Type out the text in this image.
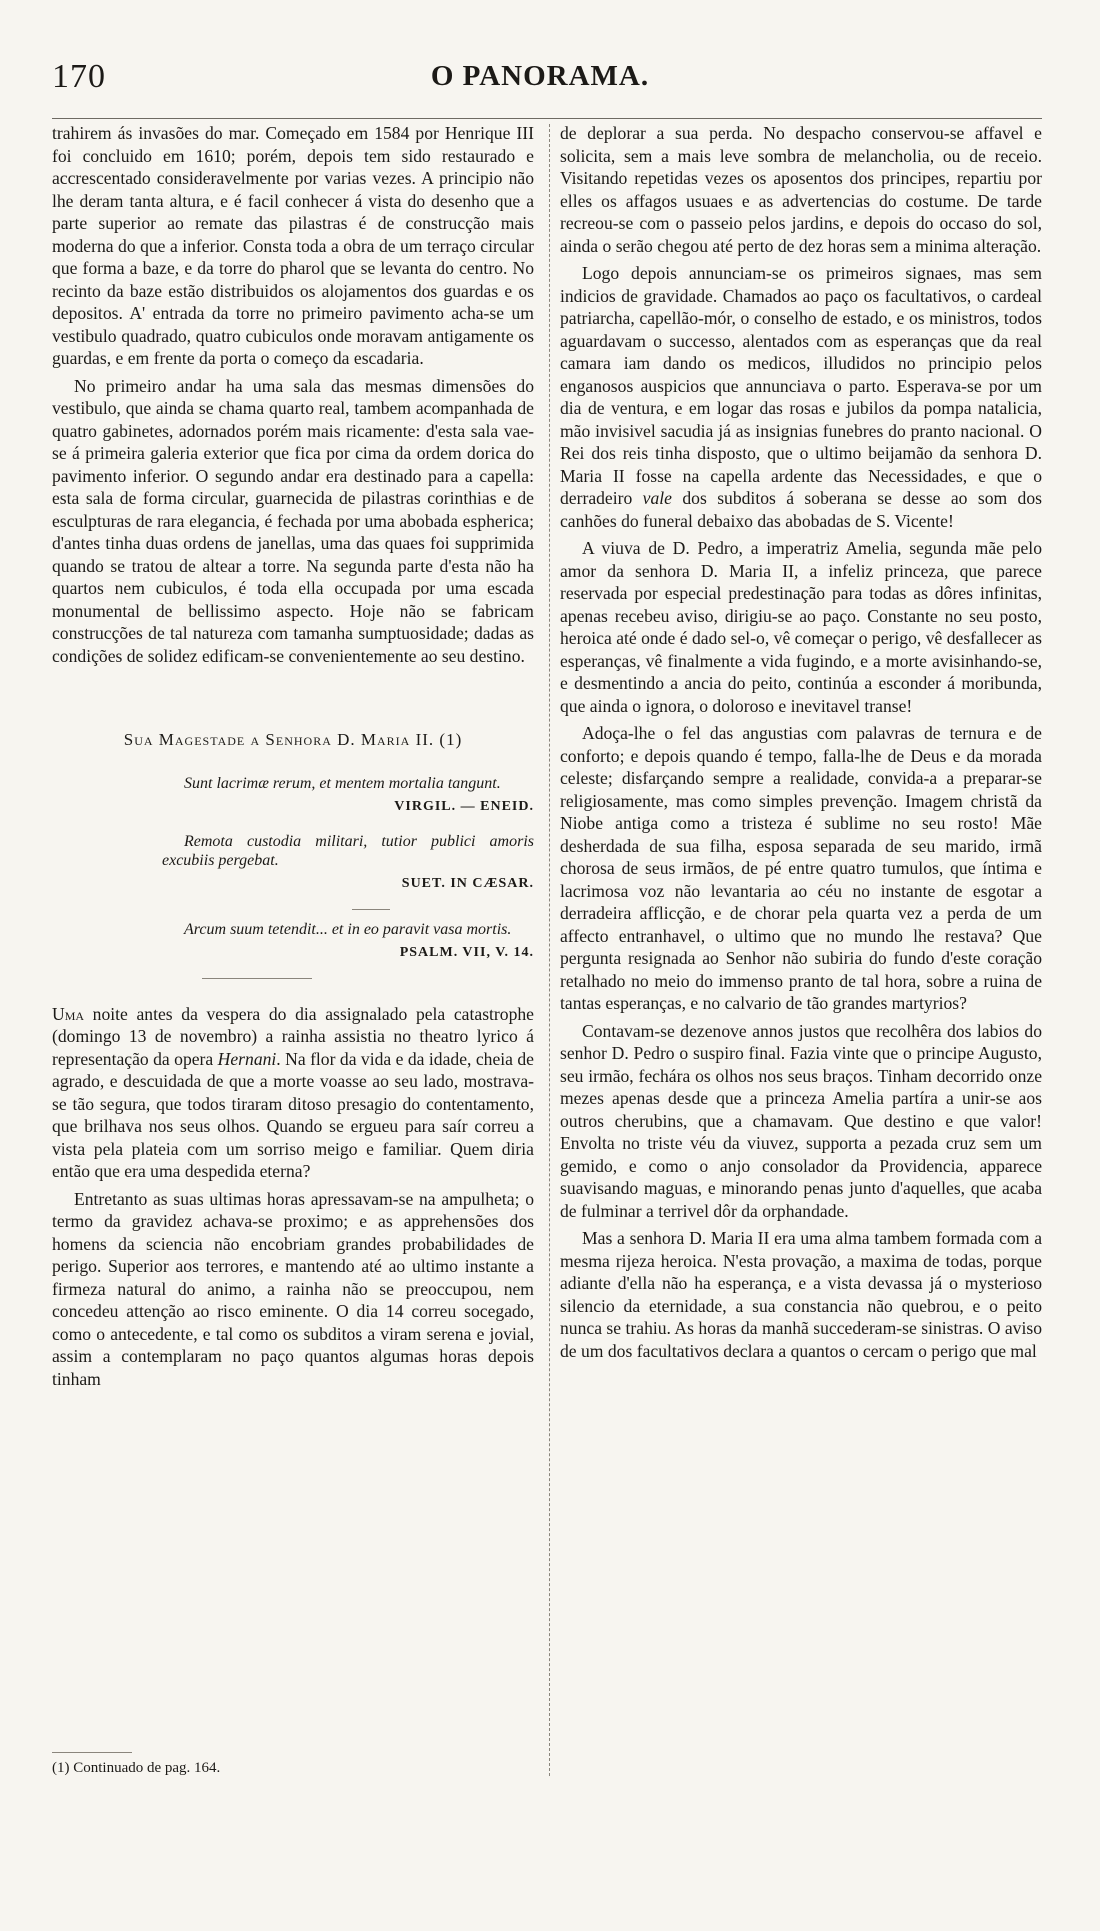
170	O PANORAMA.

trahirem ás invasões do mar. Começado em 1584 por Henrique III foi concluido em 1610; porém, depois tem sido restaurado e accrescentado consideravelmente por varias vezes. A principio não lhe deram tanta altura, e é facil conhecer á vista do desenho que a parte superior ao remate das pilastras é de construcção mais moderna do que a inferior. Consta toda a obra de um terraço circular que forma a baze, e da torre do pharol que se levanta do centro. No recinto da baze estão distribuidos os alojamentos dos guardas e os depositos. A' entrada da torre no primeiro pavimento acha-se um vestibulo quadrado, quatro cubiculos onde moravam antigamente os guardas, e em frente da porta o começo da escadaria.

No primeiro andar ha uma sala das mesmas dimensões do vestibulo, que ainda se chama quarto real, tambem acompanhada de quatro gabinetes, adornados porém mais ricamente: d'esta sala vae-se á primeira galeria exterior que fica por cima da ordem dorica do pavimento inferior. O segundo andar era destinado para a capella: esta sala de forma circular, guarnecida de pilastras corinthias e de esculpturas de rara elegancia, é fechada por uma abobada espherica; d'antes tinha duas ordens de janellas, uma das quaes foi supprimida quando se tratou de altear a torre. Na segunda parte d'esta não ha quartos nem cubiculos, é toda ella occupada por uma escada monumental de bellissimo aspecto. Hoje não se fabricam construcções de tal natureza com tamanha sumptuosidade; dadas as condições de solidez edificam-se convenientemente ao seu destino.

Sua Magestade a Senhora D. Maria II. (1)

Sunt lacrimæ rerum, et mentem mortalia tangunt.

VIRGIL. — ENEID.

Remota custodia militari, tutior publici amoris excubiis pergebat.

SUET. IN CÆSAR.

Arcum suum tetendit... et in eo paravit vasa mortis.

PSALM. VII, V. 14.

Uma noite antes da vespera do dia assignalado pela catastrophe (domingo 13 de novembro) a rainha assistia no theatro lyrico á representação da opera Hernani. Na flor da vida e da idade, cheia de agrado, e descuidada de que a morte voasse ao seu lado, mostrava-se tão segura, que todos tiraram ditoso presagio do contentamento, que brilhava nos seus olhos. Quando se ergueu para saír correu a vista pela plateia com um sorriso meigo e familiar. Quem diria então que era uma despedida eterna?

Entretanto as suas ultimas horas apressavam-se na ampulheta; o termo da gravidez achava-se proximo; e as apprehensões dos homens da sciencia não encobriam grandes probabilidades de perigo. Superior aos terrores, e mantendo até ao ultimo instante a firmeza natural do animo, a rainha não se preoccupou, nem concedeu attenção ao risco eminente. O dia 14 correu socegado, como o antecedente, e tal como os subditos a viram serena e jovial, assim a contemplaram no paço quantos algumas horas depois tinham

(1) Continuado de pag. 164.

de deplorar a sua perda. No despacho conservou-se affavel e solicita, sem a mais leve sombra de melancholia, ou de receio. Visitando repetidas vezes os aposentos dos principes, repartiu por elles os affagos usuaes e as advertencias do costume. De tarde recreou-se com o passeio pelos jardins, e depois do occaso do sol, ainda o serão chegou até perto de dez horas sem a minima alteração.

Logo depois annunciam-se os primeiros signaes, mas sem indicios de gravidade. Chamados ao paço os facultativos, o cardeal patriarcha, capellão-mór, o conselho de estado, e os ministros, todos aguardavam o successo, alentados com as esperanças que da real camara iam dando os medicos, illudidos no principio pelos enganosos auspicios que annunciava o parto. Esperava-se por um dia de ventura, e em logar das rosas e jubilos da pompa natalicia, mão invisivel sacudia já as insignias funebres do pranto nacional. O Rei dos reis tinha disposto, que o ultimo beijamão da senhora D. Maria II fosse na capella ardente das Necessidades, e que o derradeiro vale dos subditos á soberana se desse ao som dos canhões do funeral debaixo das abobadas de S. Vicente!

A viuva de D. Pedro, a imperatriz Amelia, segunda mãe pelo amor da senhora D. Maria II, a infeliz princeza, que parece reservada por especial predestinação para todas as dôres infinitas, apenas recebeu aviso, dirigiu-se ao paço. Constante no seu posto, heroica até onde é dado sel-o, vê começar o perigo, vê desfallecer as esperanças, vê finalmente a vida fugindo, e a morte avisinhando-se, e desmentindo a ancia do peito, continúa a esconder á moribunda, que ainda o ignora, o doloroso e inevitavel transe!

Adoça-lhe o fel das angustias com palavras de ternura e de conforto; e depois quando é tempo, falla-lhe de Deus e da morada celeste; disfarçando sempre a realidade, convida-a a preparar-se religiosamente, mas como simples prevenção. Imagem christã da Niobe antiga como a tristeza é sublime no seu rosto! Mãe desherdada de sua filha, esposa separada de seu marido, irmã chorosa de seus irmãos, de pé entre quatro tumulos, que íntima e lacrimosa voz não levantaria ao céu no instante de esgotar a derradeira afflicção, e de chorar pela quarta vez a perda de um affecto entranhavel, o ultimo que no mundo lhe restava? Que pergunta resignada ao Senhor não subiria do fundo d'este coração retalhado no meio do immenso pranto de tal hora, sobre a ruina de tantas esperanças, e no calvario de tão grandes martyrios?

Contavam-se dezenove annos justos que recolhêra dos labios do senhor D. Pedro o suspiro final. Fazia vinte que o principe Augusto, seu irmão, fechára os olhos nos seus braços. Tinham decorrido onze mezes apenas desde que a princeza Amelia partíra a unir-se aos outros cherubins, que a chamavam. Que destino e que valor! Envolta no triste véu da viuvez, supporta a pezada cruz sem um gemido, e como o anjo consolador da Providencia, apparece suavisando maguas, e minorando penas junto d'aquelles, que acaba de fulminar a terrivel dôr da orphandade.

Mas a senhora D. Maria II era uma alma tambem formada com a mesma rijeza heroica. N'esta provação, a maxima de todas, porque adiante d'ella não ha esperança, e a vista devassa já o mysterioso silencio da eternidade, a sua constancia não quebrou, e o peito nunca se trahiu. As horas da manhã succederam-se sinistras. O aviso de um dos facultativos declara a quantos o cercam o perigo que mal
